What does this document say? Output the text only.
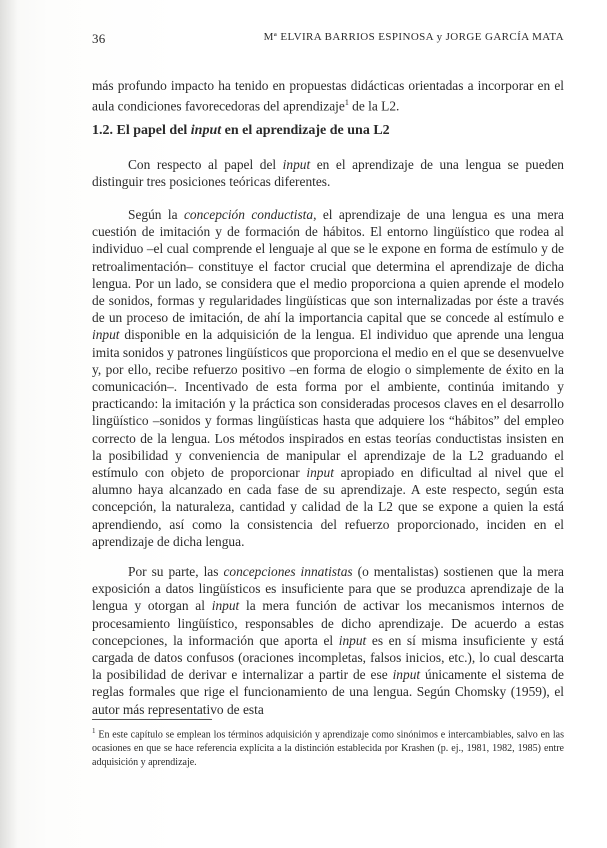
36	Mª ELVIRA BARRIOS ESPINOSA y JORGE GARCÍA MATA

más profundo impacto ha tenido en propuestas didácticas orientadas a incorporar en el aula condiciones favorecedoras del aprendizaje$^1$ de la L2.

1.2. El papel del input en el aprendizaje de una L2
Con respecto al papel del input en el aprendizaje de una lengua se pueden distinguir tres posiciones teóricas diferentes.
Según la concepción conductista, el aprendizaje de una lengua es una mera cuestión de imitación y de formación de hábitos. El entorno lingüístico que rodea al individuo –el cual comprende el lenguaje al que se le expone en forma de estímulo y de retroalimentación– constituye el factor crucial que determina el aprendizaje de dicha lengua. Por un lado, se considera que el medio proporciona a quien aprende el modelo de sonidos, formas y regularidades lingüísticas que son internalizadas por éste a través de un proceso de imitación, de ahí la importancia capital que se concede al estímulo e input disponible en la adquisición de la lengua. El individuo que aprende una lengua imita sonidos y patrones lingüísticos que proporciona el medio en el que se desenvuelve y, por ello, recibe refuerzo positivo –en forma de elogio o simplemente de éxito en la comunicación–. Incentivado de esta forma por el ambiente, continúa imitando y practicando: la imitación y la práctica son consideradas procesos claves en el desarrollo lingüístico –sonidos y formas lingüísticas hasta que adquiere los “hábitos” del empleo correcto de la lengua. Los métodos inspirados en estas teorías conductistas insisten en la posibilidad y conveniencia de manipular el aprendizaje de la L2 graduando el estímulo con objeto de proporcionar input apropiado en dificultad al nivel que el alumno haya alcanzado en cada fase de su aprendizaje. A este respecto, según esta concepción, la naturaleza, cantidad y calidad de la L2 que se expone a quien la está aprendiendo, así como la consistencia del refuerzo proporcionado, inciden en el aprendizaje de dicha lengua.
Por su parte, las concepciones innatistas (o mentalistas) sostienen que la mera exposición a datos lingüísticos es insuficiente para que se produzca aprendizaje de la lengua y otorgan al input la mera función de activar los mecanismos internos de procesamiento lingüístico, responsables de dicho aprendizaje. De acuerdo a estas concepciones, la información que aporta el input es en sí misma insuficiente y está cargada de datos confusos (oraciones incompletas, falsos inicios, etc.), lo cual descarta la posibilidad de derivar e internalizar a partir de ese input únicamente el sistema de reglas formales que rige el funcionamiento de una lengua. Según Chomsky (1959), el autor más representativo de esta
$^1$ En este capítulo se emplean los términos adquisición y aprendizaje como sinónimos e intercambiables, salvo en las ocasiones en que se hace referencia explícita a la distinción establecida por Krashen (p. ej., 1981, 1982, 1985) entre adquisición y aprendizaje.
